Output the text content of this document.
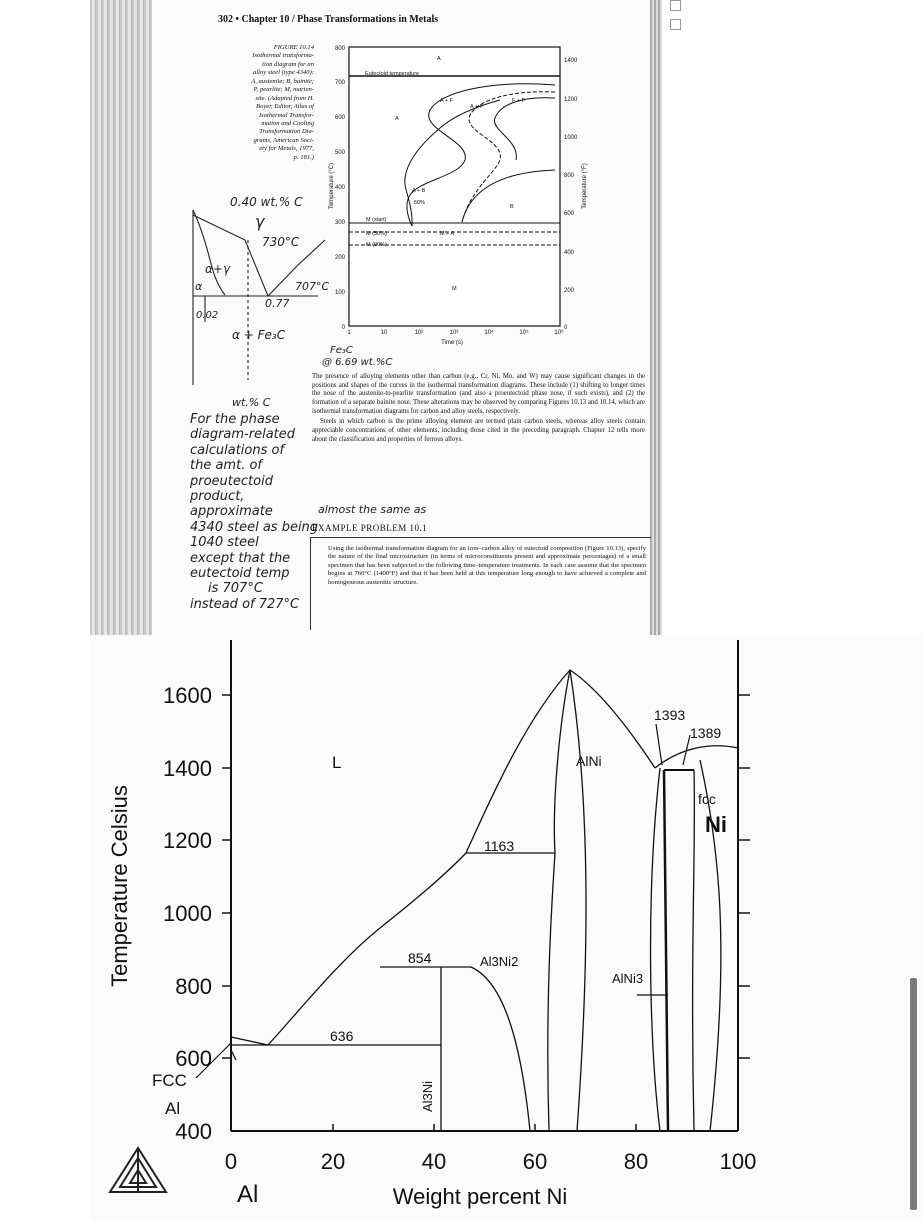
302 • Chapter 10 / Phase Transformations in Metals
FIGURE 10.14
Isothermal transforma-
tion diagram for an
alloy steel (type 4340):
A, austenite; B, bainite;
P, pearlite; M, marten-
site. (Adapted from H.
Boyer, Editor, Atlas of
Isothermal Transfor-
mation and Cooling
Transformation Dia-
grams, American Soci-
ety for Metals, 1977,
p. 181.)
0
100
200
300
400
500
600
700
800
0
200
400
600
800
1000
1200
1400
1	10	10²	10³	10⁴	10⁵	10⁶
Time (s)
Temperature (°C)	Temperature (°F)
Eutectoid temperature
A
A
A + F
A + P
F + P
A + B
50%
B
M (start)
M (50%)
M (90%)
M + A
M
0.40 wt.% C
γ
730°C
α+γ
α	707°C
0.02
0.77
α + Fe₃C
Fe₃C
@ 6.69 wt.%C
wt.% C
For the phase
diagram-related
calculations of
the amt. of
proeutectoid
product,
approximate
4340 steel as being
1040 steel
except that the
eutectoid temp
is 707°C
instead of 727°C
almost the same as

The presence of alloying elements other than carbon (e.g., Cr, Ni, Mo, and W) may cause significant changes in the positions and shapes of the curves in the isothermal transformation diagrams. These include (1) shifting to longer times the nose of the austenite-to-pearlite transformation (and also a proeutectoid phase nose, if such exists), and (2) the formation of a separate bainite nose. These alterations may be observed by comparing Figures 10.13 and 10.14, which are isothermal transformation diagrams for carbon and alloy steels, respectively.

Steels in which carbon is the prime alloying element are termed plain carbon steels, whereas alloy steels contain appreciable concentrations of other elements, including those cited in the preceding paragraph. Chapter 12 tells more about the classification and properties of ferrous alloys.

EXAMPLE PROBLEM 10.1
Using the isothermal transformation diagram for an iron–carbon alloy of eutectoid composition (Figure 10.13), specify the nature of the final microstructure (in terms of microconstituents present and approximate percentages) of a small specimen that has been subjected to the following time–temperature treatments. In each case assume that the specimen begins at 760°C (1400°F) and that it has been held at this temperature long enough to have achieved a complete and homogeneous austenitic structure.
1600
1400
1200
1000
800
600
400
0	20	40	60	80	100
Weight percent Ni
Temperature Celsius
Al
L	AlNi
fcc
Ni
FCC
Al
Al3Ni2
AlNi3
Al3Ni
1393
1389
1163
854
636
